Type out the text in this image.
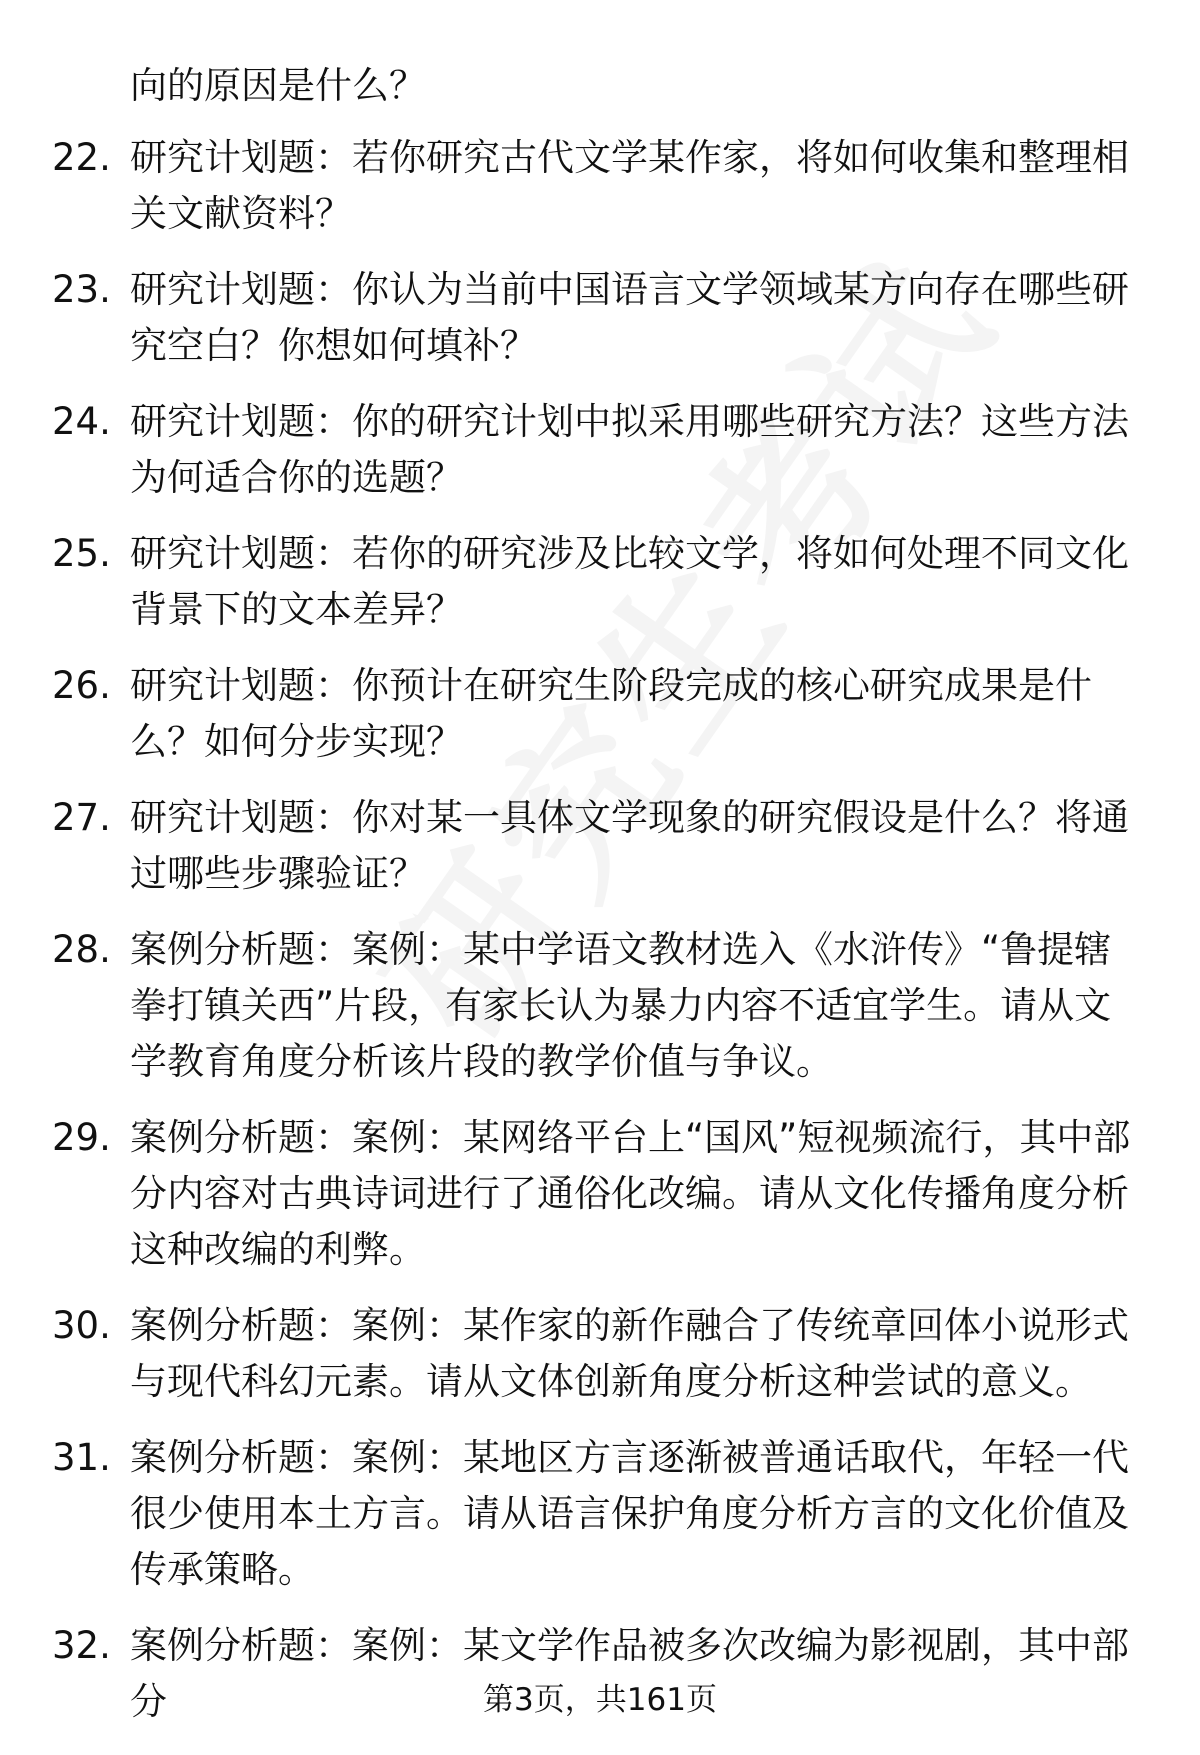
向的原因是什么？
22. 研究计划题：若你研究古代文学某作家，将如何收集和整理相关文献资料？
23. 研究计划题：你认为当前中国语言文学领域某方向存在哪些研究空白？你想如何填补？
24. 研究计划题：你的研究计划中拟采用哪些研究方法？这些方法为何适合你的选题？
25. 研究计划题：若你的研究涉及比较文学，将如何处理不同文化背景下的文本差异？
26. 研究计划题：你预计在研究生阶段完成的核心研究成果是什么？如何分步实现？
27. 研究计划题：你对某一具体文学现象的研究假设是什么？将通过哪些步骤验证？
28. 案例分析题：案例：某中学语文教材选入《水浒传》“鲁提辖拳打镇关西”片段，有家长认为暴力内容不适宜学生。请从文学教育角度分析该片段的教学价值与争议。
29. 案例分析题：案例：某网络平台上“国风”短视频流行，其中部分内容对古典诗词进行了通俗化改编。请从文化传播角度分析这种改编的利弊。
30. 案例分析题：案例：某作家的新作融合了传统章回体小说形式与现代科幻元素。请从文体创新角度分析这种尝试的意义。
31. 案例分析题：案例：某地区方言逐渐被普通话取代，年轻一代很少使用本土方言。请从语言保护角度分析方言的文化价值及传承策略。
32. 案例分析题：案例：某文学作品被多次改编为影视剧，其中部分	第3页，共161页
